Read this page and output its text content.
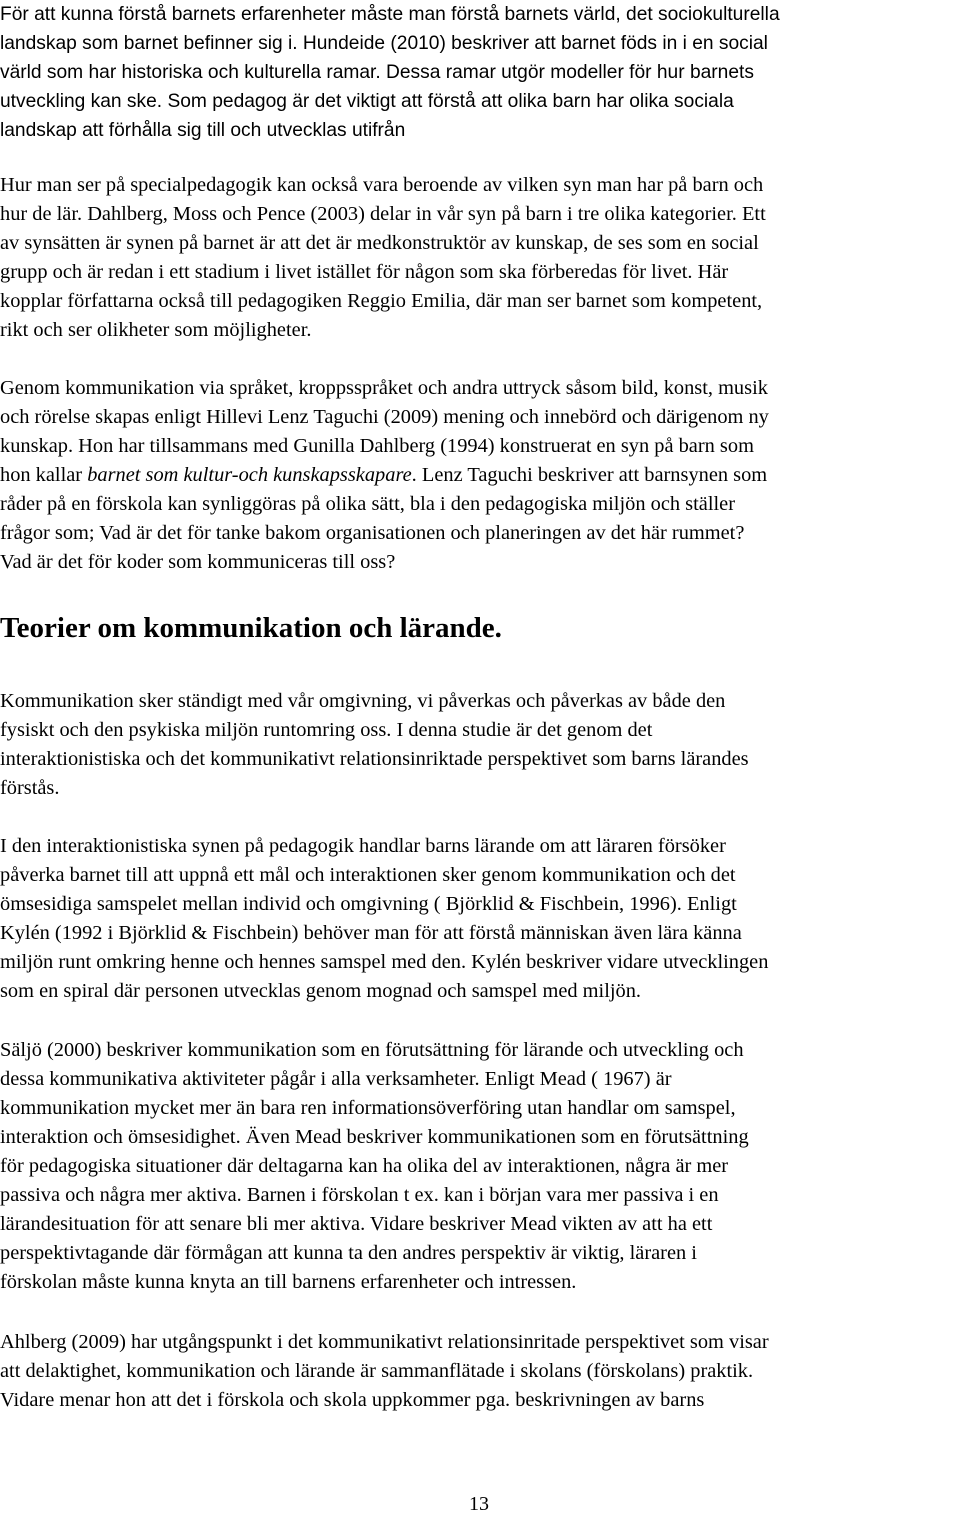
För att kunna förstå barnets erfarenheter måste man förstå barnets värld, det sociokulturella
landskap som barnet befinner sig i. Hundeide (2010) beskriver att barnet föds in i en social
värld som har historiska och kulturella ramar. Dessa ramar utgör modeller för hur barnets
utveckling kan ske. Som pedagog är det viktigt att förstå att olika barn har olika sociala
landskap att förhålla sig till och utvecklas utifrån
Hur man ser på specialpedagogik kan också vara beroende av vilken syn man har på barn och
hur de lär. Dahlberg, Moss och Pence (2003) delar in vår syn på barn i tre olika kategorier. Ett
av synsätten är synen på barnet är att det är medkonstruktör av kunskap, de ses som en social
grupp och är redan i ett stadium i livet istället för någon som ska förberedas för livet. Här
kopplar författarna också till pedagogiken Reggio Emilia, där man ser barnet som kompetent,
rikt och ser olikheter som möjligheter.
Genom kommunikation via språket, kroppsspråket och andra uttryck såsom bild, konst, musik
och rörelse skapas enligt Hillevi Lenz Taguchi (2009) mening och innebörd och därigenom ny
kunskap. Hon har tillsammans med Gunilla Dahlberg (1994) konstruerat en syn på barn som
hon kallar barnet som kultur-och kunskapsskapare. Lenz Taguchi beskriver att barnsynen som
råder på en förskola kan synliggöras på olika sätt, bla i den pedagogiska miljön och ställer
frågor som; Vad är det för tanke bakom organisationen och planeringen av det här rummet?
Vad är det för koder som kommuniceras till oss?
Teorier om kommunikation och lärande.
Kommunikation sker ständigt med vår omgivning, vi påverkas och påverkas av både den
fysiskt och den psykiska miljön runtomring oss. I denna studie är det genom det
interaktionistiska och det kommunikativt relationsinriktade perspektivet som barns lärandes
förstås.
I den interaktionistiska synen på pedagogik handlar barns lärande om att läraren försöker
påverka barnet till att uppnå ett mål och interaktionen sker genom kommunikation och det
ömsesidiga samspelet mellan individ och omgivning ( Björklid & Fischbein, 1996). Enligt
Kylén (1992 i Björklid & Fischbein) behöver man för att förstå människan även lära känna
miljön runt omkring henne och hennes samspel med den. Kylén beskriver vidare utvecklingen
som en spiral där personen utvecklas genom mognad och samspel med miljön.
Säljö (2000) beskriver kommunikation som en förutsättning för lärande och utveckling och
dessa kommunikativa aktiviteter pågår i alla verksamheter. Enligt Mead ( 1967) är
kommunikation mycket mer än bara ren informationsöverföring utan handlar om samspel,
interaktion och ömsesidighet. Även Mead beskriver kommunikationen som en förutsättning
för pedagogiska situationer där deltagarna kan ha olika del av interaktionen, några är mer
passiva och några mer aktiva. Barnen i förskolan t ex. kan i början vara mer passiva i en
lärandesituation för att senare bli mer aktiva. Vidare beskriver Mead vikten av att ha ett
perspektivtagande där förmågan att kunna ta den andres perspektiv är viktig, läraren i
förskolan måste kunna knyta an till barnens erfarenheter och intressen.
Ahlberg (2009) har utgångspunkt i det kommunikativt relationsinritade perspektivet som visar
att delaktighet, kommunikation och lärande är sammanflätade i skolans (förskolans) praktik.
Vidare menar hon att det i förskola och skola uppkommer pga. beskrivningen av barns

13
